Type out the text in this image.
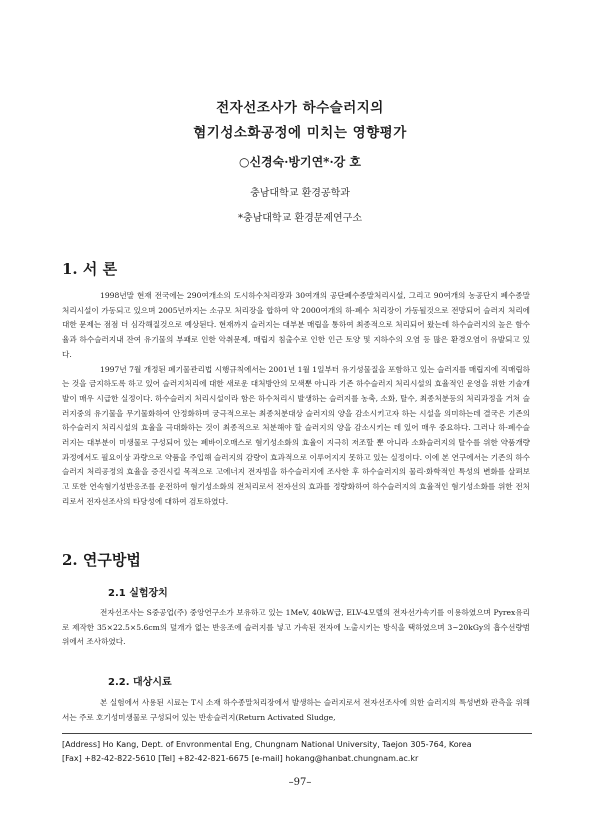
전자선조사가 하수슬러지의
혐기성소화공정에 미치는 영향평가
○신경숙·방기연*·강 호
충남대학교 환경공학과
*충남대학교 환경문제연구소
1. 서 론

1998년말 현재 전국에는 290여개소의 도시하수처리장과 30여개의 공단폐수종말처리시설, 그리고 90여개의 농공단지 폐수종말처리시설이 가동되고 있으며 2005년까지는 소규모 처리장을 합하여 약 2000여개의 하·폐수 처리장이 가동될것으로 전망되어 슬러지 처리에 대한 문제는 점점 더 심각해질것으로 예상된다. 현재까지 슬러지는 대부분 매립을 통하여 최종적으로 처리되어 왔는데 하수슬러지의 높은 함수율과 하수슬러지내 잔여 유기물의 부패로 인한 악취문제, 매립지 침출수로 인한 인근 토양 및 지하수의 오염 등 많은 환경오염이 유발되고 있다.

1997년 7월 개정된 폐기물관리법 시행규칙에서는 2001년 1월 1일부터 유기성물질을 포함하고 있는 슬러지를 매립지에 직매립하는 것을 금지하도록 하고 있어 슬러지처리에 대한 새로운 대처방안의 모색뿐 아니라 기존 하수슬러지 처리시설의 효율적인 운영을 위한 기술개발이 매우 시급한 실정이다. 하수슬러지 처리시설이라 함은 하수처리시 발생하는 슬러지를 농축, 소화, 탈수, 최종처분등의 처리과정을 거쳐 슬러지중의 유기물을 무기물화하여 안정화하며 궁극적으로는 최종처분대상 슬러지의 양을 감소시키고자 하는 시설을 의미하는데 결국은 기존의 하수슬러지 처리시설의 효율을 극대화하는 것이 최종적으로 처분해야 할 슬러지의 양을 감소시키는 데 있어 매우 중요하다. 그러나 하·폐수슬러지는 대부분이 미생물로 구성되어 있는 폐바이오매스로 혐기성소화의 효율이 지극히 저조할 뿐 아니라 소화슬러지의 탈수를 위한 약품개량과정에서도 필요이상 과량으로 약품을 주입해 슬러지의 감량이 효과적으로 이루어지지 못하고 있는 실정이다. 이에 본 연구에서는 기존의 하수슬러지 처리공정의 효율을 증진시킬 목적으로 고에너지 전자빔을 하수슬러지에 조사한 후 하수슬러지의 물리·화학적인 특성의 변화를 살펴보고 또한 연속혐기성반응조를 운전하여 혐기성소화의 전처리로서 전자선의 효과를 정량화하여 하수슬러지의 효율적인 혐기성소화를 위한 전처리로서 전자선조사의 타당성에 대하여 검토하였다.

2. 연구방법
2.1 실험장치

전자선조사는 S중공업(주) 중앙연구소가 보유하고 있는 1MeV, 40kW급, ELV-4모델의 전자선가속기를 이용하였으며 Pyrex유리로 제작한 35×22.5×5.6cm의 덮개가 없는 반응조에 슬러지를 넣고 가속된 전자에 노출시키는 방식을 택하였으며 3~20kGy의 흡수선량범위에서 조사하였다.

2.2. 대상시료

본 실험에서 사용된 시료는 T시 소재 하수종말처리장에서 발생하는 슬러지로서 전자선조사에 의한 슬러지의 특성변화 관측을 위해서는 주로 호기성미생물로 구성되어 있는 반송슬러지(Return Activated Sludge,

[Address] Ho Kang, Dept. of Envronmental Eng, Chungnam National University, Taejon 305-764, Korea
[Fax] +82-42-822-5610 [Tel] +82-42-821-6675 [e-mail] hokang@hanbat.chungnam.ac.kr
–97–
